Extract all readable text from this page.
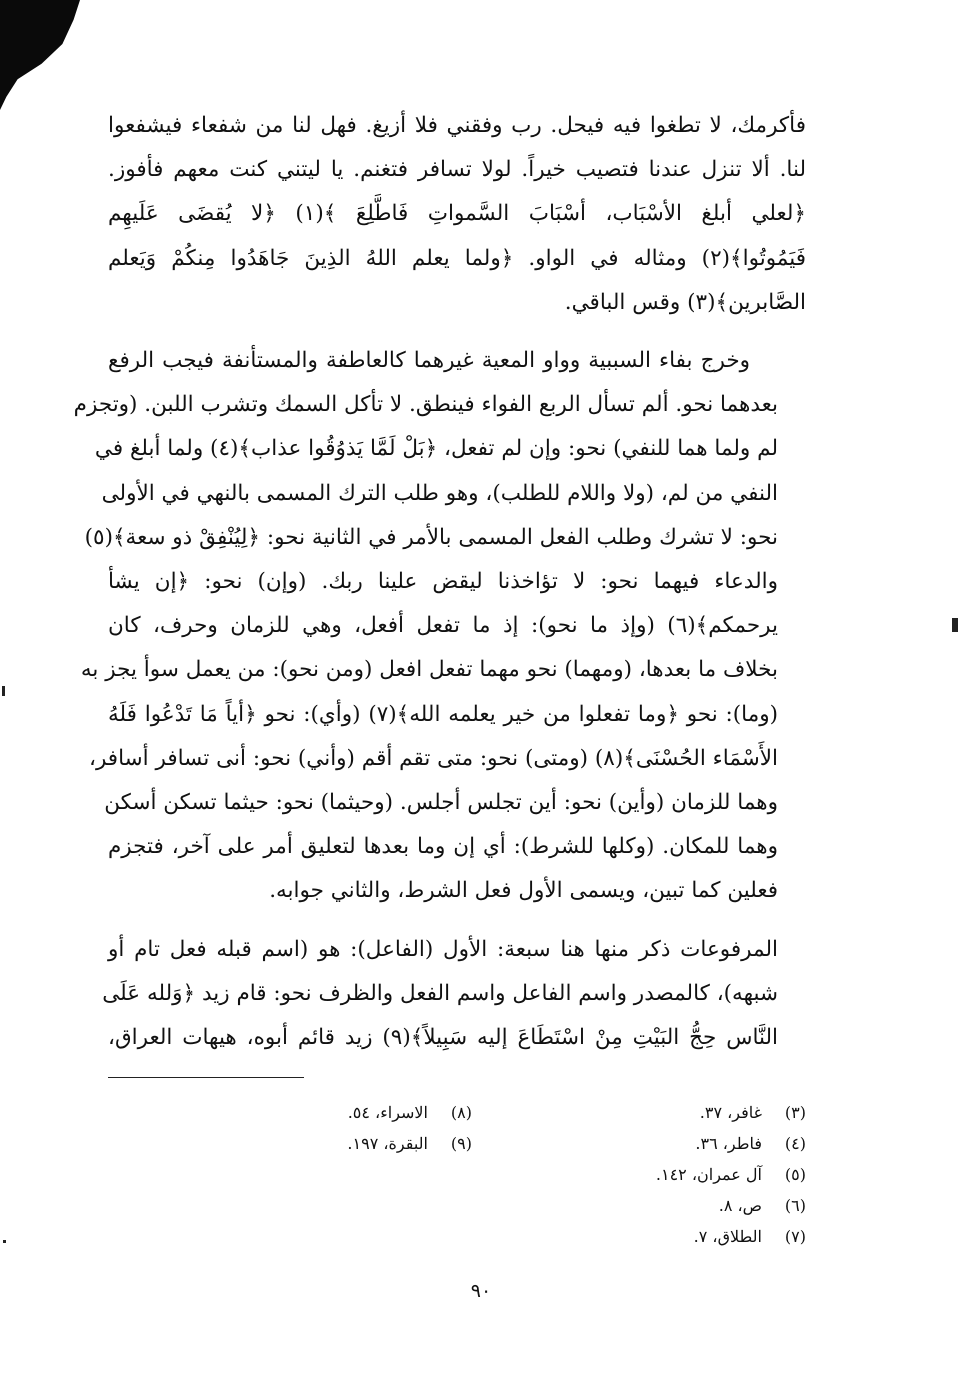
فأكرمك، لا تطغوا فيه فيحل. رب وفقني فلا أزيغ. فهل لنا من شفعاء فيشفعوا
لنا. ألا تنزل عندنا فتصيب خيراً. لولا تسافر فتغنم. يا ليتني كنت معهم فأفوز.
﴿لعلي أبلغ الأسْبَاب، أسْبَابَ السَّمواتِ فَاطَّلِعَ ﴾(١) ﴿لا يُقضَى عَلَيهِم
فَيَمُوتُوا﴾(٢) ومثاله في الواو. ﴿ولما يعلم اللهُ الذِينَ جَاهَدُوا مِنكُمْ وَيَعلم
الصَّابرين﴾(٣) وقس الباقي.
وخرج بفاء السببية وواو المعية غيرهما كالعاطفة والمستأنفة فيجب الرفع
بعدهما نحو. ألم تسأل الربع الفواء فينطق. لا تأكل السمك وتشرب اللبن. (وتجزم
لم ولما هما للنفي) نحو: وإن لم تفعل، ﴿بَلْ لَمَّا يَذوُقُوا عذاب﴾(٤) ولما أبلغ في
النفي من لم، (ولا واللام للطلب)، وهو طلب الترك المسمى بالنهي في الأولى
نحو: لا تشرك وطلب الفعل المسمى بالأمر في الثانية نحو: ﴿لِيُنْفِقْ ذو سعة﴾(٥)
والدعاء فيهما نحو: لا تؤاخذنا ليقض علينا ربك. (وإن) نحو: ﴿إن يشأ
يرحمكم﴾(٦) (وإذ ما نحو): إذ ما تفعل أفعل، وهي للزمان وحرف، كان
بخلاف ما بعدها، (ومهما) نحو مهما تفعل افعل (ومن نحو): من يعمل سوأ يجز به
(وما): نحو ﴿وما تفعلوا من خير يعلمه الله﴾(٧) (وأي): نحو ﴿أياً مَا تَدْعُوا فَلَهُ
الأَسْمَاء الحُسْنَى﴾(٨) (ومتى) نحو: متى تقم أقم (وأني) نحو: أنى تسافر أسافر،
وهما للزمان (وأين) نحو: أين تجلس أجلس. (وحيثما) نحو: حيثما تسكن أسكن
وهما للمكان. (وكلها للشرط): أي إن وما بعدها لتعليق أمر على آخر، فتجزم
فعلين كما تبين، ويسمى الأول فعل الشرط، والثاني جوابه.
المرفوعات ذكر منها هنا سبعة: الأول (الفاعل): هو (اسم قبله فعل تام أو
شبهه)، كالمصدر واسم الفاعل واسم الفعل والظرف نحو: قام زيد ﴿وَلله عَلَى
النَّاس حِجُّ البَيْتِ مِنْ اسْتَطَاعَ إليه سَبِيلاً﴾(٩) زيد قائم أبوه، هيهات العراق،
(٣)غافر، ٣٧.
(٤)فاطر، ٣٦.
(٥)آل عمران، ١٤٢.
(٦)ص، ٨.
(٧)الطلاق، ٧.
(٨)الاسراء، ٥٤.
(٩)البقرة، ١٩٧.
٩٠
